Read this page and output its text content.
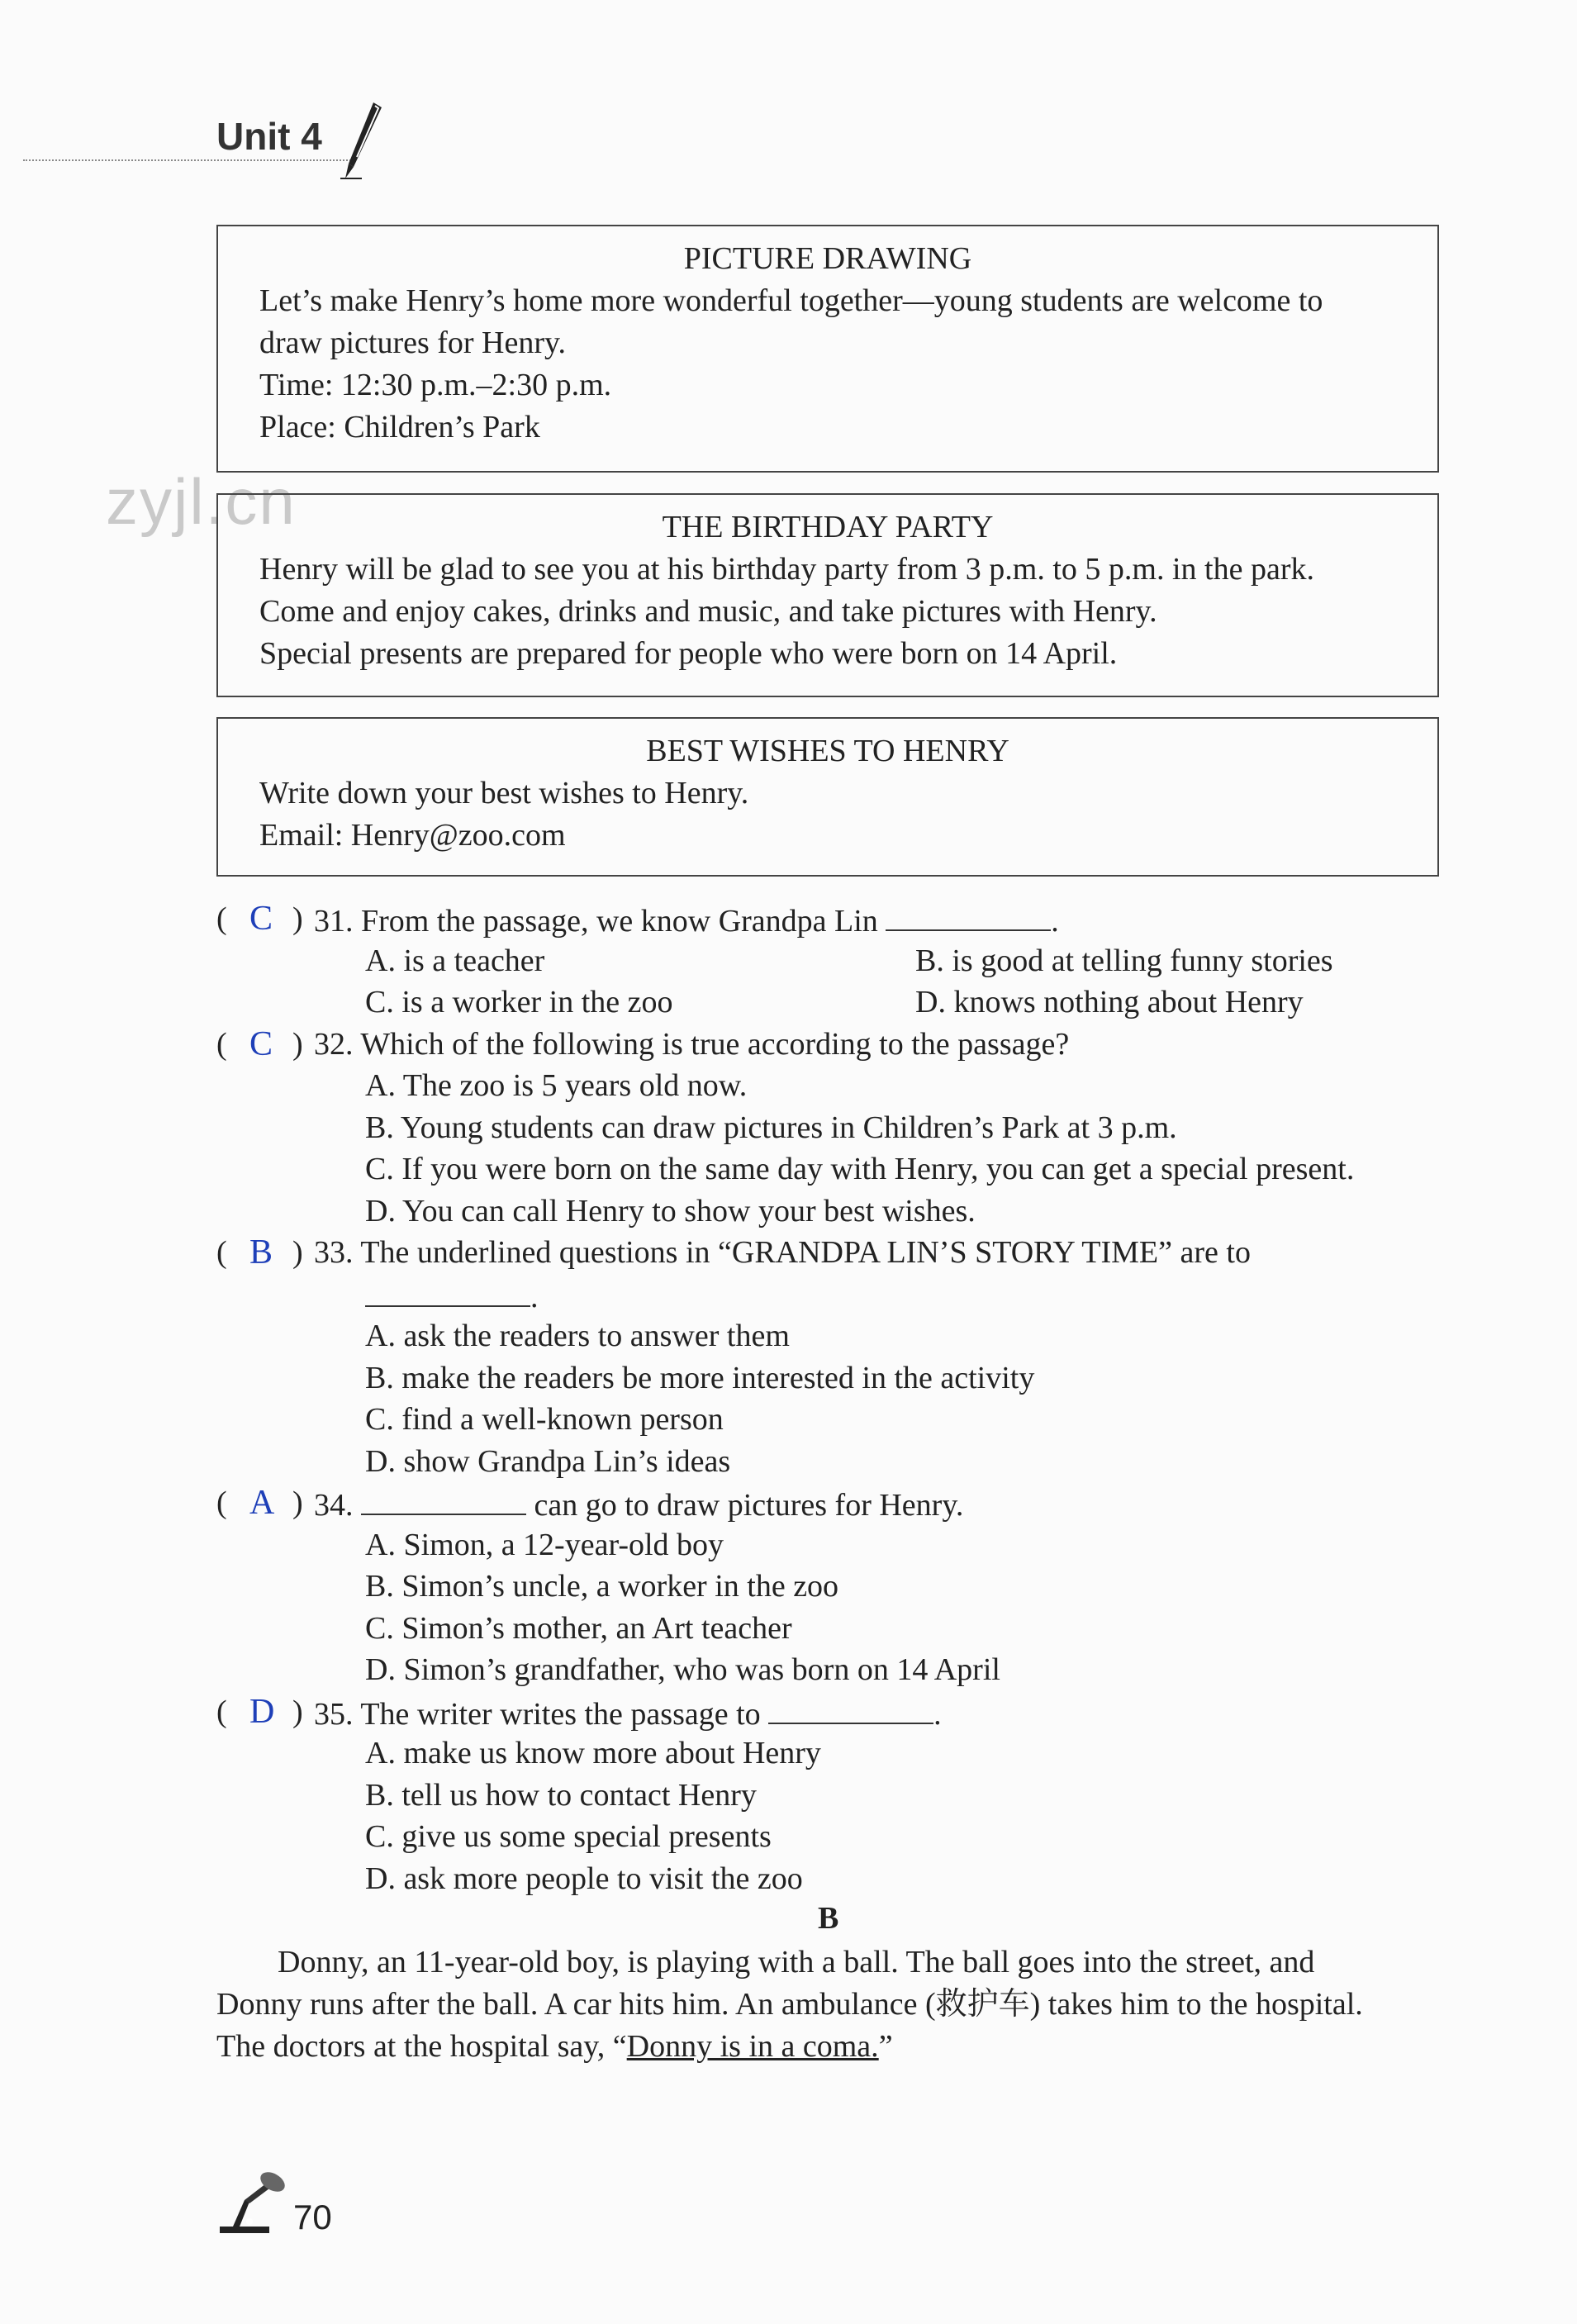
Unit 4
zyjl.cn
PICTURE DRAWING

Let’s make Henry’s home more wonderful together—young students are welcome to

draw pictures for Henry.

Time: 12:30 p.m.–2:30 p.m.

Place: Children’s Park

THE BIRTHDAY PARTY

Henry will be glad to see you at his birthday party from 3 p.m. to 5 p.m. in the park.

Come and enjoy cakes, drinks and music, and take pictures with Henry.

Special presents are prepared for people who were born on 14 April.

BEST WISHES TO HENRY

Write down your best wishes to Henry.

Email: Henry@zoo.com

( C ) 31. From the passage, we know Grandpa Lin	.
A. is a teacher	B. is good at telling funny stories
C. is a worker in the zoo	D. knows nothing about Henry
( C ) 32. Which of the following is true according to the passage?
A. The zoo is 5 years old now.
B. Young students can draw pictures in Children’s Park at 3 p.m.
C. If you were born on the same day with Henry, you can get a special present.
D. You can call Henry to show your best wishes.
( B ) 33. The underlined questions in “GRANDPA LIN’S STORY TIME” are to
.
A. ask the readers to answer them
B. make the readers be more interested in the activity
C. find a well-known person
D. show Grandpa Lin’s ideas
( A ) 34.	can go to draw pictures for Henry.
A. Simon, a 12-year-old boy
B. Simon’s uncle, a worker in the zoo
C. Simon’s mother, an Art teacher
D. Simon’s grandfather, who was born on 14 April
( D ) 35. The writer writes the passage to	.
A. make us know more about Henry
B. tell us how to contact Henry
C. give us some special presents
D. ask more people to visit the zoo
B
Donny, an 11-year-old boy, is playing with a ball. The ball goes into the street, and
Donny runs after the ball. A car hits him. An ambulance (救护车) takes him to the hospital.
The doctors at the hospital say, “Donny is in a coma.”
70
